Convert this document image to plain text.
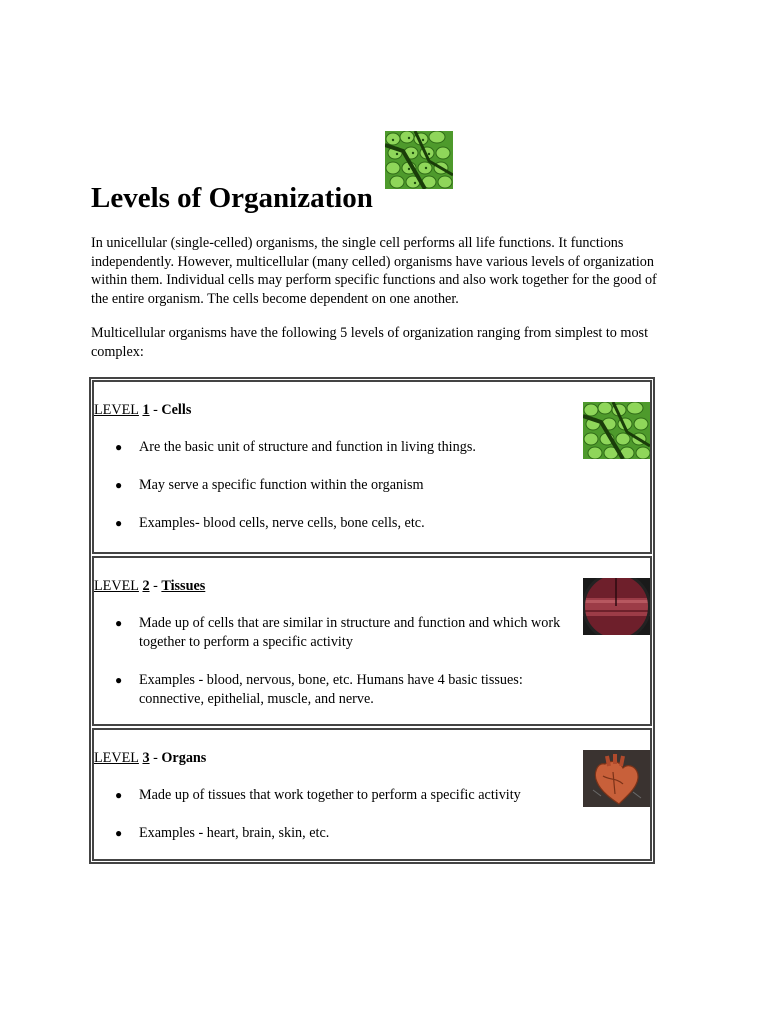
Levels of Organization

In unicellular (single-celled) organisms, the single cell performs all life functions. It functions independently. However, multicellular (many celled) organisms have various levels of organization within them. Individual cells may perform specific functions and also work together for the good of the entire organism. The cells become dependent on one another.

Multicellular organisms have the following 5 levels of organization ranging from simplest to most complex:

LEVEL 1 - Cells
● Are the basic unit of structure and function in living things.
● May serve a specific function within the organism
● Examples- blood cells, nerve cells, bone cells, etc.
LEVEL 2 - Tissues
● Made up of cells that are similar in structure and function and which work together to perform a specific activity
● Examples - blood, nervous, bone, etc. Humans have 4 basic tissues: connective, epithelial, muscle, and nerve.
LEVEL 3 - Organs
● Made up of tissues that work together to perform a specific activity
● Examples - heart, brain, skin, etc.
